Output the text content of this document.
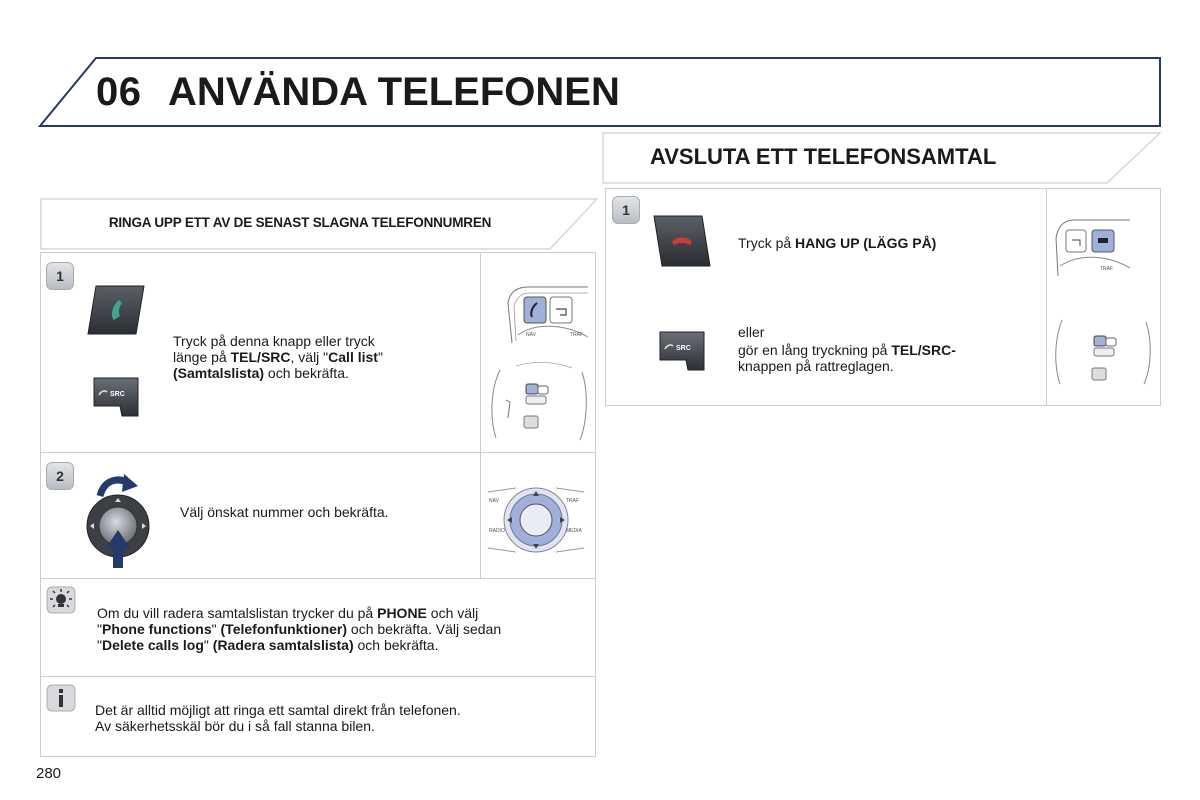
06 ANVÄNDA TELEFONEN
RINGA UPP ETT AV DE SENAST SLAGNA TELEFONNUMREN
AVSLUTA ETT TELEFONSAMTAL
1
SRC
Tryck på denna knapp eller tryck
länge på TEL/SRC, välj "Call list"
(Samtalslista) och bekräfta.
NAV	TRAF
2
Välj önskat nummer och bekräfta.
NAV	TRAF
RADIO	MEDIA
Om du vill radera samtalslistan trycker du på PHONE och välj
"Phone functions" (Telefonfunktioner) och bekräfta. Välj sedan
"Delete calls log" (Radera samtalslista) och bekräfta.
Det är alltid möjligt att ringa ett samtal direkt från telefonen.
Av säkerhetsskäl bör du i så fall stanna bilen.
1
Tryck på HANG UP (LÄGG PÅ)
SRC
eller
gör en lång tryckning på TEL/SRC-
knappen på rattreglagen.
TRAF
280
